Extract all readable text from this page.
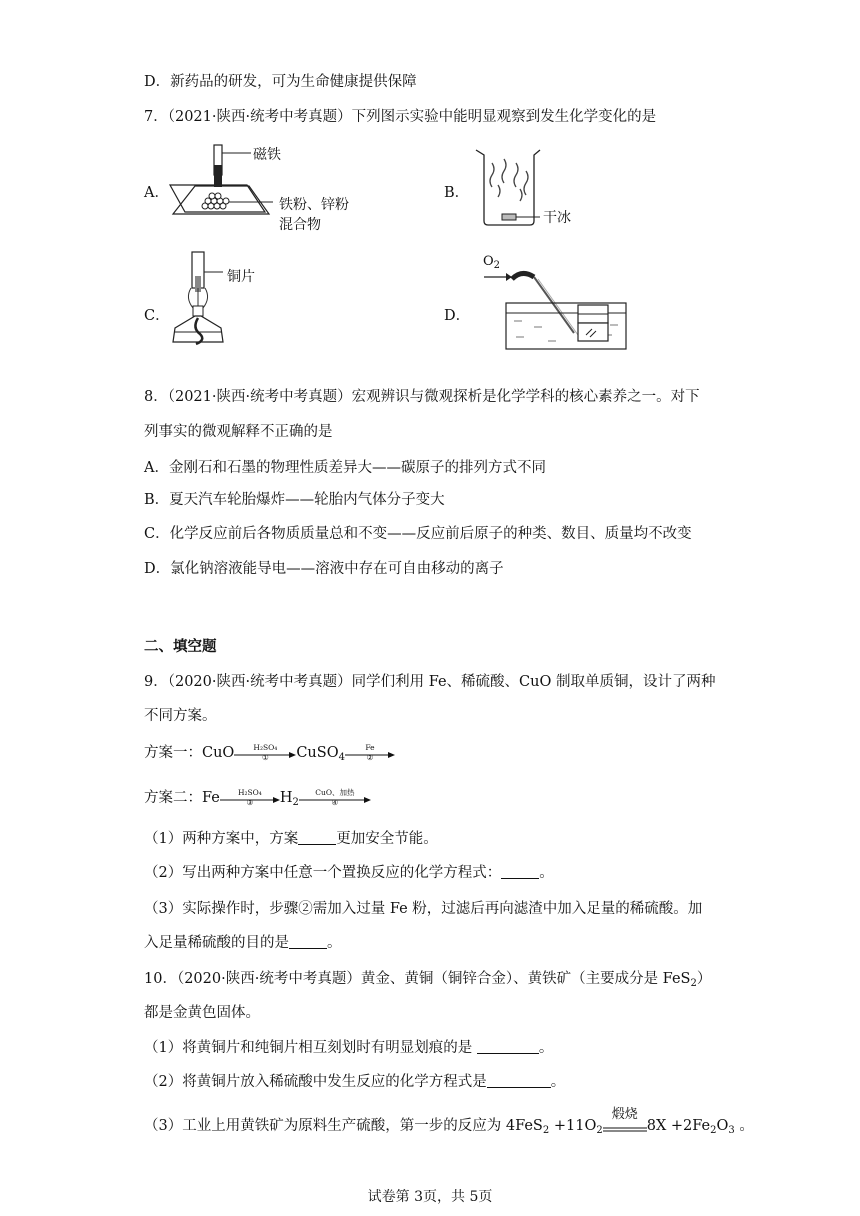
D．新药品的研发，可为生命健康提供保障
7．（2021·陕西·统考中考真题）下列图示实验中能明显观察到发生化学变化的是
A．	B．
C．	D．
磁铁
铁粉、锌粉
混合物	干冰
铜片
$O_2$
8．（2021·陕西·统考中考真题）宏观辨识与微观探析是化学学科的核心素养之一。对下
列事实的微观解释不正确的是
A．金刚石和石墨的物理性质差异大——碳原子的排列方式不同
B．夏天汽车轮胎爆炸——轮胎内气体分子变大
C．化学反应前后各物质质量总和不变——反应前后原子的种类、数目、质量均不改变
D．氯化钠溶液能导电——溶液中存在可自由移动的离子
二、填空题
9．（2020·陕西·统考中考真题）同学们利用 Fe、稀硫酸、CuO 制取单质铜，设计了两种
不同方案。
方案一：CuO	H₂SO₄
①	CuSO$_4$
Fe
②
方案二：Fe	H₂SO₄
③	$H_2$
CuO、加热
④
（1）两种方案中，方案	更加安全节能。
（2）写出两种方案中任意一个置换反应的化学方程式：	。
（3）实际操作时，步骤②需加入过量 Fe 粉，过滤后再向滤渣中加入足量的稀硫酸。加
入足量稀硫酸的目的是	。
10．（2020·陕西·统考中考真题）黄金、黄铜（铜锌合金）、黄铁矿（主要成分是 FeS$_2$）
都是金黄色固体。
（1）将黄铜片和纯铜片相互刻划时有明显划痕的是	。
（2）将黄铜片放入稀硫酸中发生反应的化学方程式是	。
（3）工业上用黄铁矿为原料生产硫酸，第一步的反应为 $4FeS_2 +11O_2$
煅烧
$8X +2Fe_2O_3$ 。
试卷第 3页，共 5页
